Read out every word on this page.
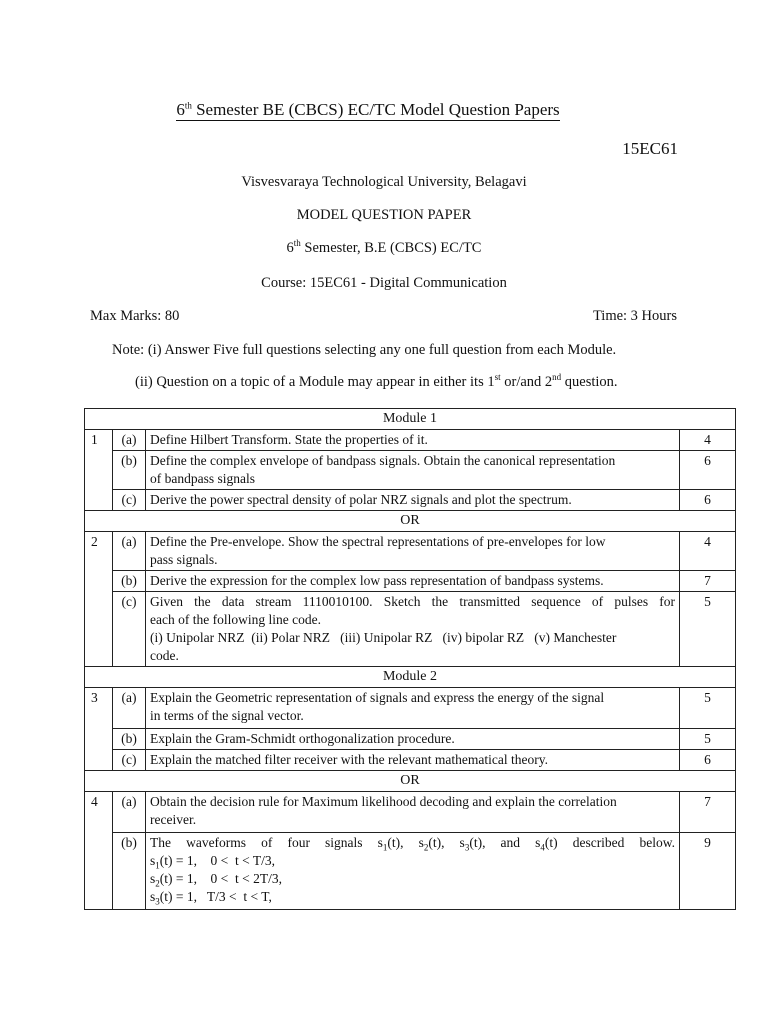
6th Semester BE (CBCS) EC/TC Model Question Papers
15EC61
Visvesvaraya Technological University, Belagavi
MODEL QUESTION PAPER
6th Semester, B.E (CBCS) EC/TC
Course: 15EC61 - Digital Communication
Max Marks: 80	Time: 3 Hours
Note: (i) Answer Five full questions selecting any one full question from each Module.
(ii) Question on a topic of a Module may appear in either its 1st or/and 2nd question.
Module 1			
1	(a)	Define Hilbert Transform. State the properties of it.	4
	(b)	Define the complex envelope of bandpass signals. Obtain the canonical representation
of bandpass signals	6
	(c)	Derive the power spectral density of polar NRZ signals and plot the spectrum.	6
OR			
2	(a)	Define the Pre-envelope. Show the spectral representations of pre-envelopes for low
pass signals.	4
	(b)	Derive the expression for the complex low pass representation of bandpass systems.	7
	(c)	Given the data stream 1110010100. Sketch the transmitted sequence of pulses for
each of the following line code.
(i) Unipolar NRZ  (ii) Polar NRZ   (iii) Unipolar RZ   (iv) bipolar RZ   (v) Manchester
code.	5
Module 2			
3	(a)	Explain the Geometric representation of signals and express the energy of the signal
in terms of the signal vector.	5
	(b)	Explain the Gram-Schmidt orthogonalization procedure.	5
	(c)	Explain the matched filter receiver with the relevant mathematical theory.	6
OR			
4	(a)	Obtain the decision rule for Maximum likelihood decoding and explain the correlation
receiver.	7
	(b)	The   waveforms   of   four   signals   $s_1(t)$,   $s_2(t)$,   $s_3(t)$,   and   $s_4(t)$   described   below.
$s_1(t) = 1$,    0 <  t < T/3,
$s_2(t) = 1$,    0 <  t < 2T/3,
$s_3(t) = 1$,   T/3 <  t < T,	9
